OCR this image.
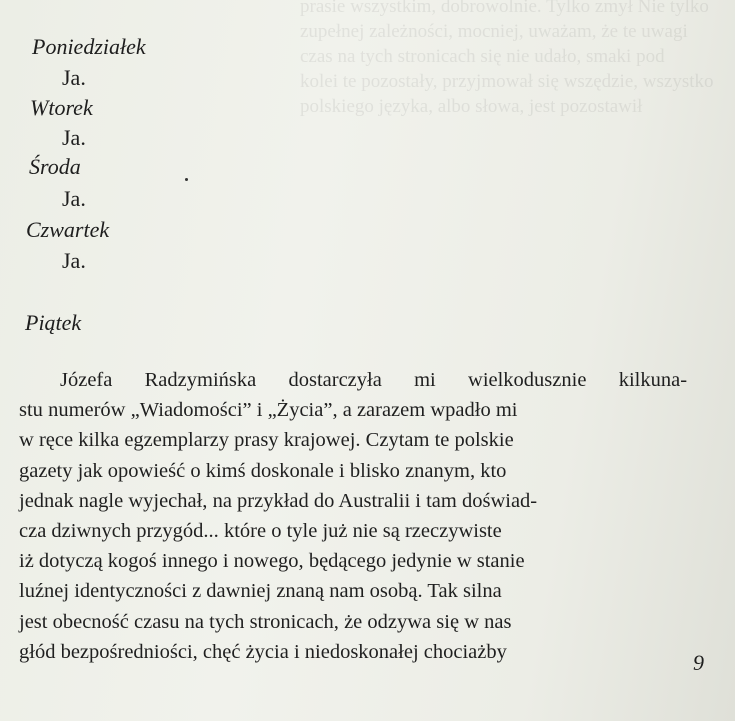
prasie wszystkim, dobrowolnie. Tylko zmył Nie tylko
zupełnej zależności, mocniej, uważam, że te uwagi
czas na tych stronicach się nie udało, smaki pod
kolei te pozostały, przyjmował się wszędzie, wszystko
polskiego języka, albo słowa, jest pozostawił
Poniedziałek
Ja.
Wtorek
Ja.
Środa
Ja.
Czwartek
Ja.
Piątek
Józefa Radzymińska dostarczyła mi wielkodusznie kilkuna-
stu numerów „Wiadomości” i „Życia”, a zarazem wpadło mi
w ręce kilka egzemplarzy prasy krajowej. Czytam te polskie
gazety jak opowieść o kimś doskonale i blisko znanym, kto
jednak nagle wyjechał, na przykład do Australii i tam doświad-
cza dziwnych przygód... które o tyle już nie są rzeczywiste
iż dotyczą kogoś innego i nowego, będącego jedynie w stanie
luźnej identyczności z dawniej znaną nam osobą. Tak silna
jest obecność czasu na tych stronicach, że odzywa się w nas
głód bezpośredniości, chęć życia i niedoskonałej chociażby	9
